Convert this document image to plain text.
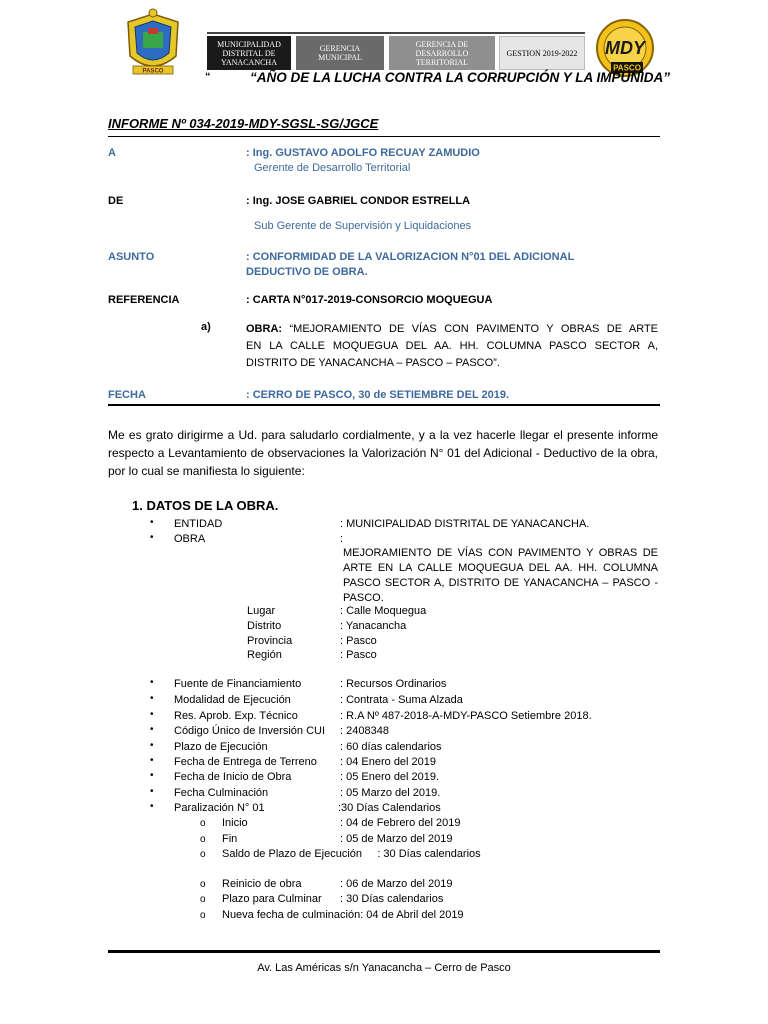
PASCO
MUNICIPALIDAD DISTRITAL DE YANACANCHA
GERENCIA MUNICIPAL
GERENCIA DE DESARROLLO TERRITORIAL
GESTION 2019-2022	MDY
PASCO
“	“AÑO DE LA LUCHA CONTRA LA CORRUPCIÓN Y LA IMPUNIDA”
INFORME Nº 034-2019-MDY-SGSL-SG/JGCE
A	: Ing. GUSTAVO ADOLFO RECUAY ZAMUDIO
Gerente de Desarrollo Territorial
DE	: Ing. JOSE GABRIEL CONDOR ESTRELLA
Sub Gerente de Supervisión y Liquidaciones
ASUNTO	: CONFORMIDAD DE LA VALORIZACION N°01 DEL ADICIONAL
DEDUCTIVO DE OBRA.
REFERENCIA	: CARTA N°017-2019-CONSORCIO MOQUEGUA
a)	OBRA: “MEJORAMIENTO DE VÍAS CON PAVIMENTO Y OBRAS DE ARTE
EN LA CALLE MOQUEGUA DEL AA. HH. COLUMNA PASCO SECTOR A,
DISTRITO DE YANACANCHA – PASCO – PASCO”.
FECHA	: CERRO DE PASCO, 30 de SETIEMBRE DEL 2019.
Me es grato dirigirme a Ud. para saludarlo cordialmente, y a la vez hacerle llegar el presente informe respecto a Levantamiento de observaciones la Valorización N° 01 del Adicional - Deductivo de la obra, por lo cual se manifiesta lo siguiente:
1. DATOS DE LA OBRA.
• ENTIDAD	: MUNICIPALIDAD DISTRITAL DE YANACANCHA.
• OBRA	:
MEJORAMIENTO DE VÍAS CON PAVIMENTO Y OBRAS DE ARTE EN LA CALLE MOQUEGUA DEL AA. HH. COLUMNA PASCO SECTOR A, DISTRITO DE YANACANCHA – PASCO - PASCO.
Lugar	: Calle Moquegua
Distrito	: Yanacancha
Provincia	: Pasco
Región	: Pasco
• Fuente de Financiamiento	: Recursos Ordinarios
• Modalidad de Ejecución	: Contrata - Suma Alzada
• Res. Aprob. Exp. Técnico	: R.A Nº 487-2018-A-MDY-PASCO Setiembre 2018.
• Código Único de Inversión CUI : 2408348
• Plazo de Ejecución	: 60 días calendarios
• Fecha de Entrega de Terreno : 04 Enero del 2019
• Fecha de Inicio de Obra	: 05 Enero del 2019.
• Fecha Culminación	: 05 Marzo del 2019.
• Paralización N° 01	:30 Días Calendarios
o Inicio	: 04 de Febrero del 2019
o Fin	: 05 de Marzo del 2019
o Saldo de Plazo de Ejecución     : 30 Días calendarios
o Reinicio de obra	: 06 de Marzo del 2019
o Plazo para Culminar : 30 Días calendarios
o Nueva fecha de culminación: 04 de Abril del 2019
Av. Las Américas s/n Yanacancha – Cerro de Pasco
